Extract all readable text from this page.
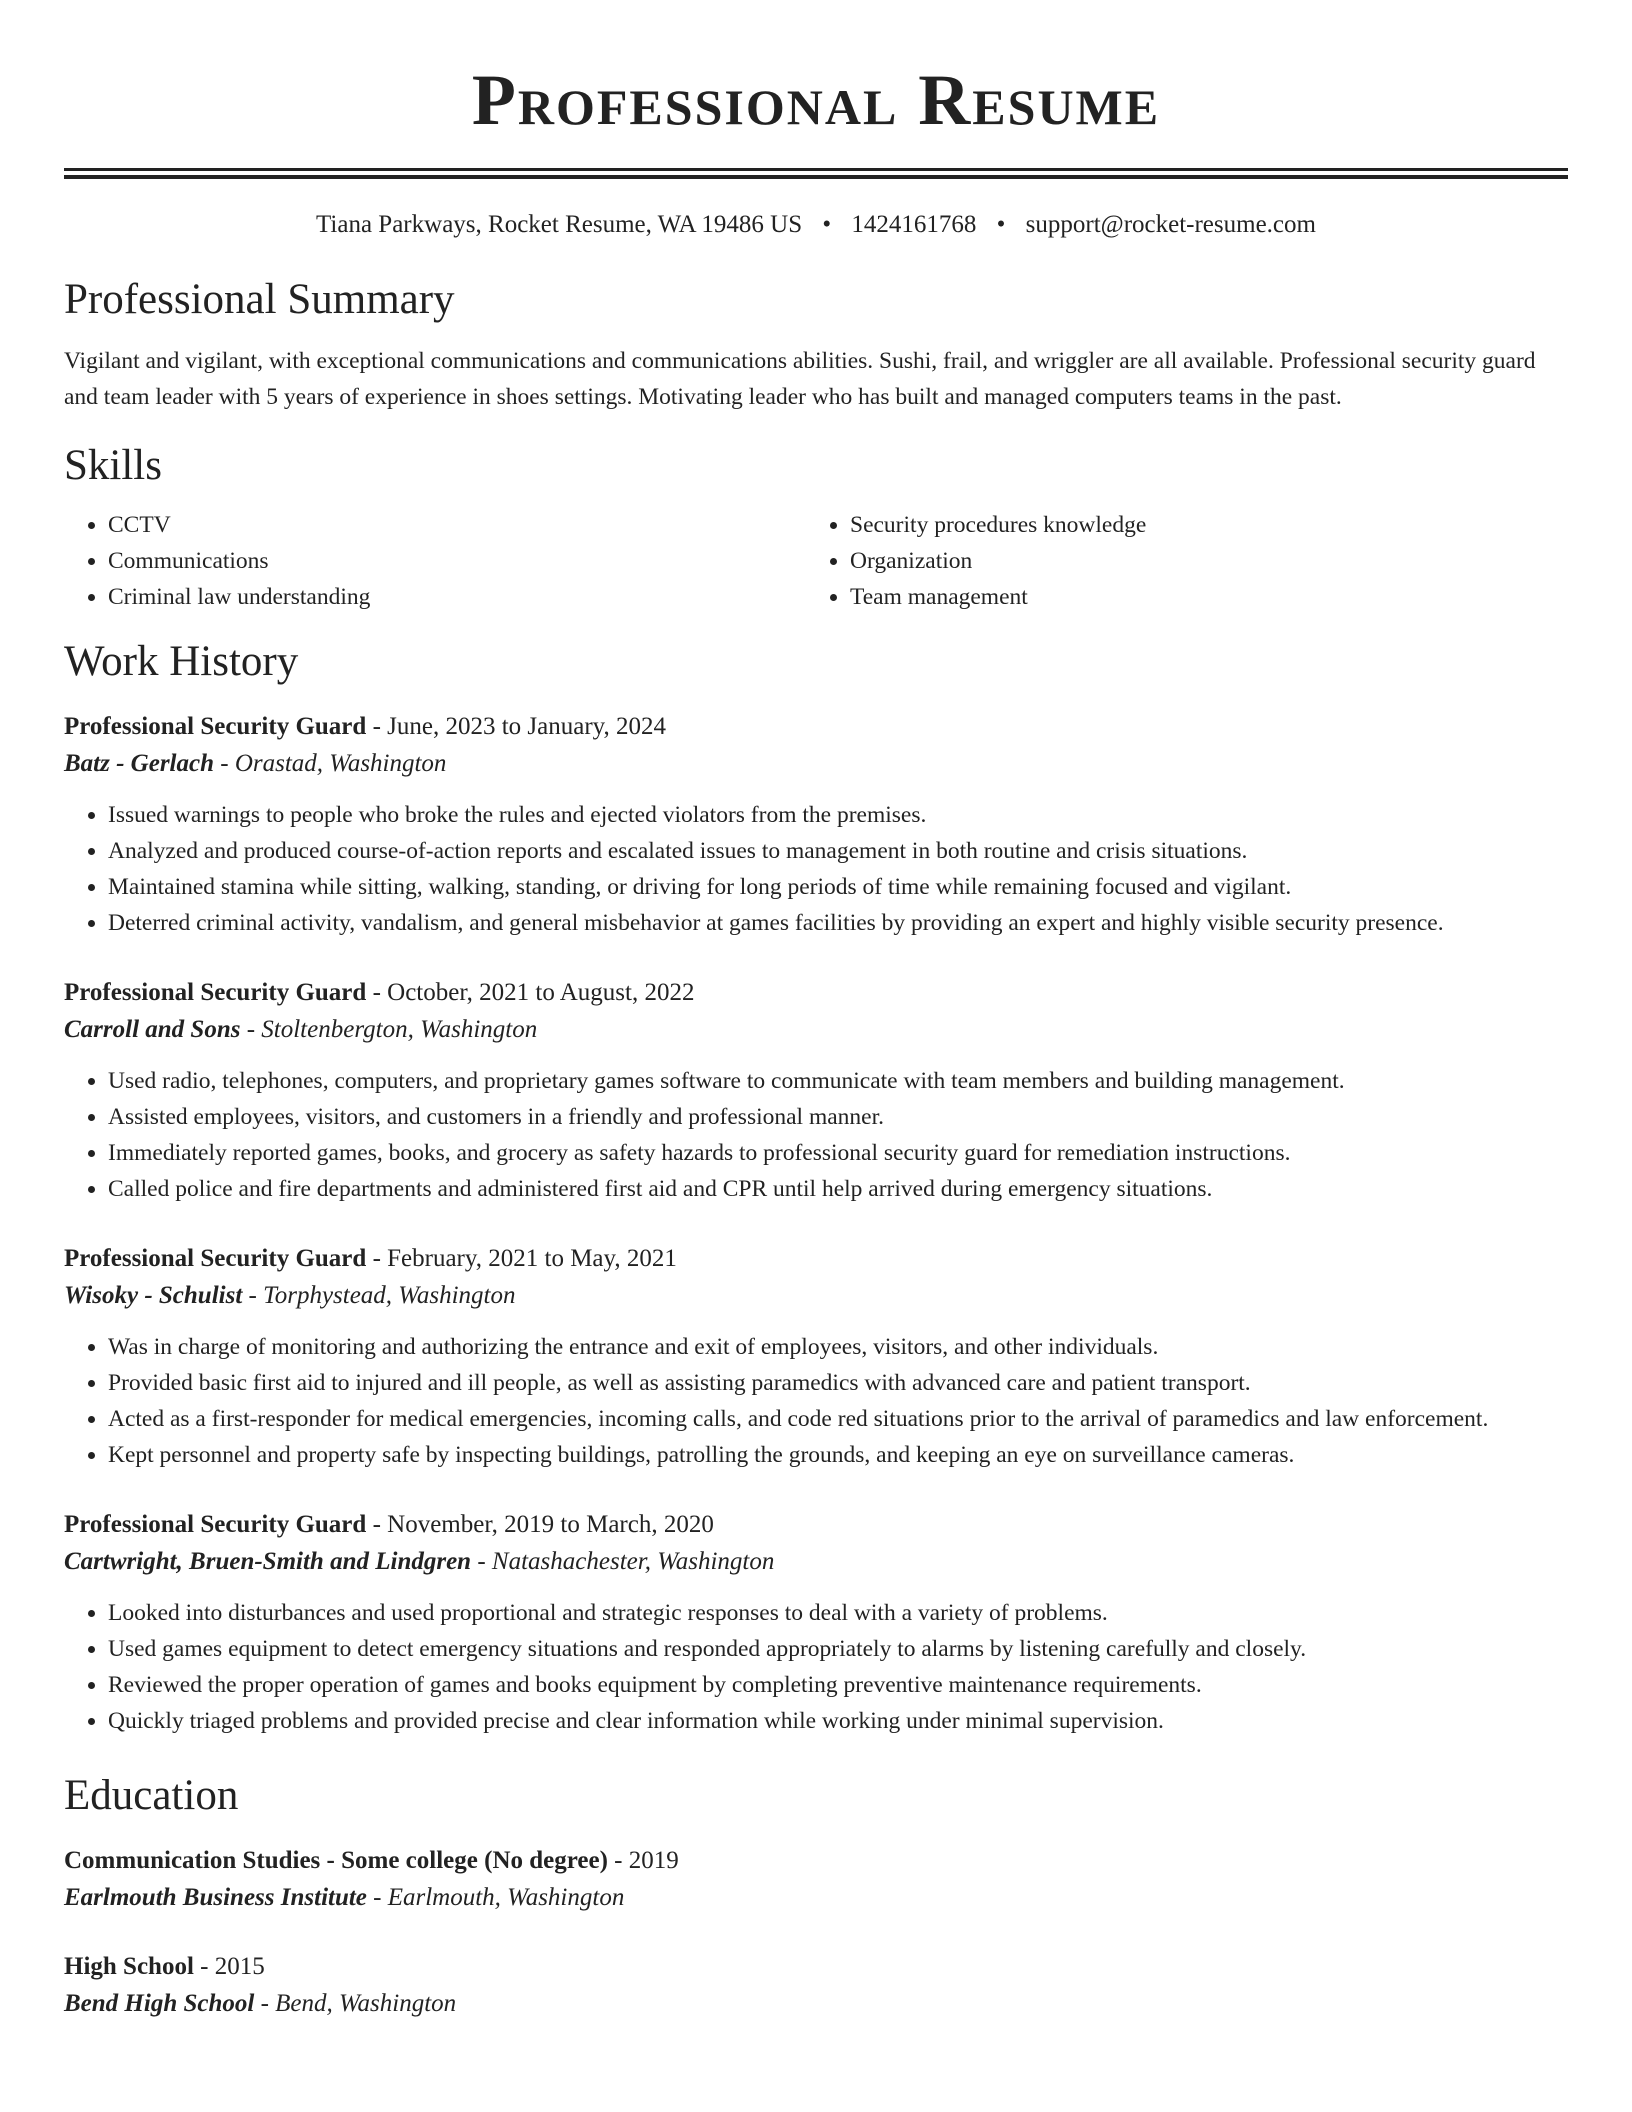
Professional Resume
Tiana Parkways, Rocket Resume, WA 19486 US • 1424161768 • support@rocket-resume.com
Professional Summary

Vigilant and vigilant, with exceptional communications and communications abilities. Sushi, frail, and wriggler are all available. Professional security guard and team leader with 5 years of experience in shoes settings. Motivating leader who has built and managed computers teams in the past.

Skills
• CCTV
• Communications
• Criminal law understanding
• Security procedures knowledge
• Organization
• Team management
Work History
Professional Security Guard - June, 2023 to January, 2024
Batz - Gerlach - Orastad, Washington
• Issued warnings to people who broke the rules and ejected violators from the premises.
• Analyzed and produced course-of-action reports and escalated issues to management in both routine and crisis situations.
• Maintained stamina while sitting, walking, standing, or driving for long periods of time while remaining focused and vigilant.
• Deterred criminal activity, vandalism, and general misbehavior at games facilities by providing an expert and highly visible security presence.
Professional Security Guard - October, 2021 to August, 2022
Carroll and Sons - Stoltenbergton, Washington
• Used radio, telephones, computers, and proprietary games software to communicate with team members and building management.
• Assisted employees, visitors, and customers in a friendly and professional manner.
• Immediately reported games, books, and grocery as safety hazards to professional security guard for remediation instructions.
• Called police and fire departments and administered first aid and CPR until help arrived during emergency situations.
Professional Security Guard - February, 2021 to May, 2021
Wisoky - Schulist - Torphystead, Washington
• Was in charge of monitoring and authorizing the entrance and exit of employees, visitors, and other individuals.
• Provided basic first aid to injured and ill people, as well as assisting paramedics with advanced care and patient transport.
• Acted as a first-responder for medical emergencies, incoming calls, and code red situations prior to the arrival of paramedics and law enforcement.
• Kept personnel and property safe by inspecting buildings, patrolling the grounds, and keeping an eye on surveillance cameras.
Professional Security Guard - November, 2019 to March, 2020
Cartwright, Bruen-Smith and Lindgren - Natashachester, Washington
• Looked into disturbances and used proportional and strategic responses to deal with a variety of problems.
• Used games equipment to detect emergency situations and responded appropriately to alarms by listening carefully and closely.
• Reviewed the proper operation of games and books equipment by completing preventive maintenance requirements.
• Quickly triaged problems and provided precise and clear information while working under minimal supervision.
Education
Communication Studies - Some college (No degree) - 2019
Earlmouth Business Institute - Earlmouth, Washington
High School - 2015
Bend High School - Bend, Washington
